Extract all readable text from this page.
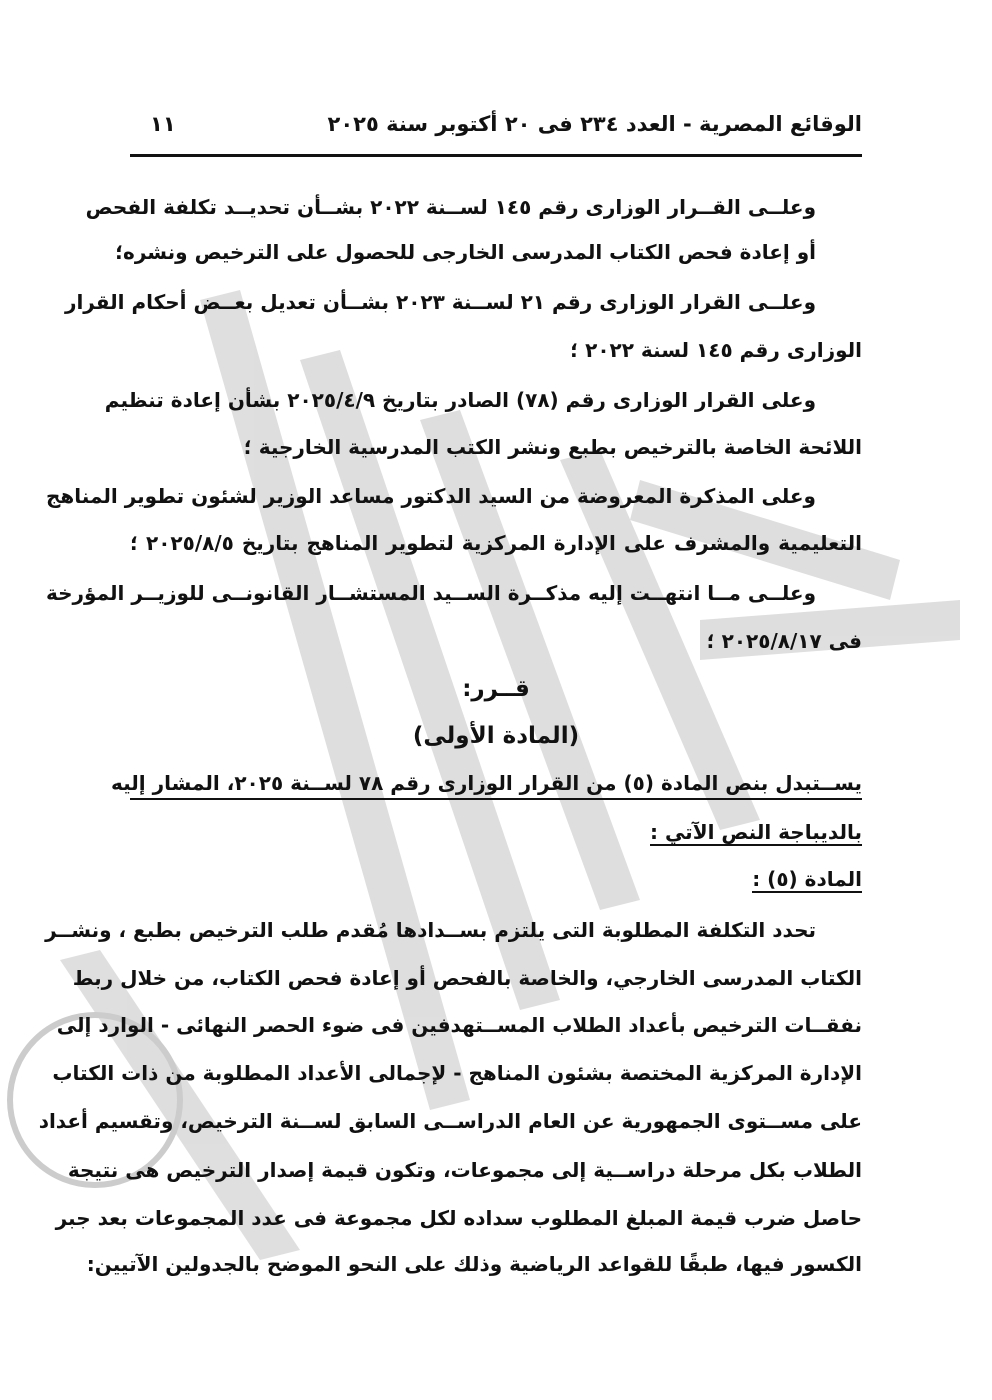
الوقائع المصرية - العدد ٢٣٤ فى ٢٠ أكتوبر سنة ٢٠٢٥
١١
وعلــى القــرار الوزارى رقم ١٤٥ لســنة ٢٠٢٢ بشــأن تحديــد تكلفة الفحص
أو إعادة فحص الكتاب المدرسى الخارجى للحصول على الترخيص ونشره؛
وعلــى القرار الوزارى رقم ٢١ لســنة ٢٠٢٣ بشــأن تعديل بعــض أحكام القرار
الوزارى رقم ١٤٥ لسنة ٢٠٢٢ ؛
وعلى القرار الوزارى رقم (٧٨) الصادر بتاريخ ٢٠٢٥/٤/٩ بشأن إعادة تنظيم
اللائحة الخاصة بالترخيص بطبع ونشر الكتب المدرسية الخارجية ؛
وعلى المذكرة المعروضة من السيد الدكتور مساعد الوزير لشئون تطوير المناهج
التعليمية والمشرف على الإدارة المركزية لتطوير المناهج بتاريخ ٢٠٢٥/٨/٥ ؛
وعلــى مــا انتهــت إليه مذكــرة الســيد المستشــار القانونــى للوزيــر المؤرخة
فى ٢٠٢٥/٨/١٧ ؛
قــرر:
(المادة الأولى)
يســتبدل بنص المادة (٥) من القرار الوزارى رقم ٧٨ لســنة ٢٠٢٥، المشار إليه
بالديباجة النص الآتي :
المادة (٥) :
تحدد التكلفة المطلوبة التى يلتزم بســدادها مُقدم طلب الترخيص بطبع ، ونشــر
الكتاب المدرسى الخارجي، والخاصة بالفحص أو إعادة فحص الكتاب، من خلال ربط
نفقــات الترخيص بأعداد الطلاب المســتهدفين فى ضوء الحصر النهائى - الوارد إلى
الإدارة المركزية المختصة بشئون المناهج - لإجمالى الأعداد المطلوبة من ذات الكتاب
على مســتوى الجمهورية عن العام الدراســى السابق لســنة الترخيص، وتقسيم أعداد
الطلاب بكل مرحلة دراســية إلى مجموعات، وتكون قيمة إصدار الترخيص هى نتيجة
حاصل ضرب قيمة المبلغ المطلوب سداده لكل مجموعة فى عدد المجموعات بعد جبر
الكسور فيها، طبقًا للقواعد الرياضية وذلك على النحو الموضح بالجدولين الآتيين:
